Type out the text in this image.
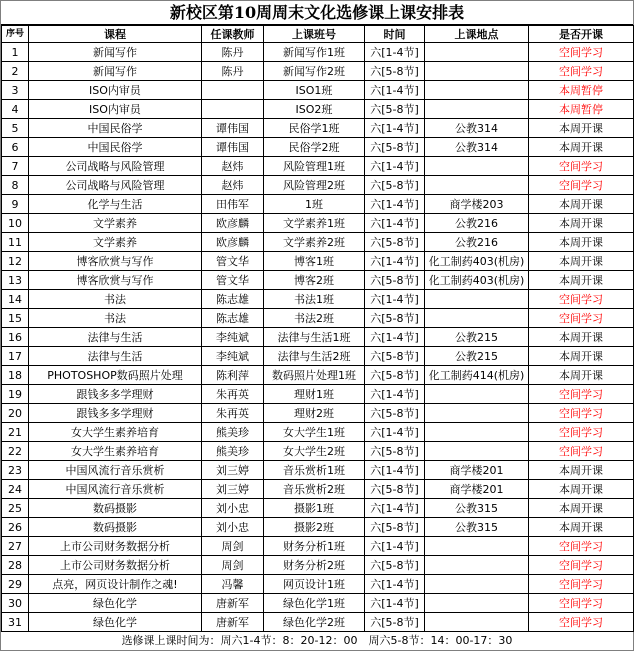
新校区第10周周末文化选修课上课安排表
序号	课程	任课教师	上课班号	时间	上课地点	是否开课
1	新闻写作	陈丹	新闻写作1班	六[1-4节]		空间学习
2	新闻写作	陈丹	新闻写作2班	六[5-8节]		空间学习
3	ISO内审员		ISO1班	六[1-4节]		本周暂停
4	ISO内审员		ISO2班	六[5-8节]		本周暂停
5	中国民俗学	谭伟国	民俗学1班	六[1-4节]	公教314	本周开课
6	中国民俗学	谭伟国	民俗学2班	六[5-8节]	公教314	本周开课
7	公司战略与风险管理	赵炜	风险管理1班	六[1-4节]		空间学习
8	公司战略与风险管理	赵炜	风险管理2班	六[5-8节]		空间学习
9	化学与生活	田伟军	1班	六[1-4节]	商学楼203	本周开课
10	文学素养	欧彦麟	文学素养1班	六[1-4节]	公教216	本周开课
11	文学素养	欧彦麟	文学素养2班	六[5-8节]	公教216	本周开课
12	博客欣赏与写作	管文华	博客1班	六[1-4节]	化工制药403(机房)	本周开课
13	博客欣赏与写作	管文华	博客2班	六[5-8节]	化工制药403(机房)	本周开课
14	书法	陈志雄	书法1班	六[1-4节]		空间学习
15	书法	陈志雄	书法2班	六[5-8节]		空间学习
16	法律与生活	李纯斌	法律与生活1班	六[1-4节]	公教215	本周开课
17	法律与生活	李纯斌	法律与生活2班	六[5-8节]	公教215	本周开课
18	PHOTOSHOP数码照片处理	陈利萍	数码照片处理1班	六[5-8节]	化工制药414(机房)	本周开课
19	跟钱多多学理财	朱再英	理财1班	六[1-4节]		空间学习
20	跟钱多多学理财	朱再英	理财2班	六[5-8节]		空间学习
21	女大学生素养培育	熊美珍	女大学生1班	六[1-4节]		空间学习
22	女大学生素养培育	熊美珍	女大学生2班	六[5-8节]		空间学习
23	中国风流行音乐赏析	刘三婷	音乐赏析1班	六[1-4节]	商学楼201	本周开课
24	中国风流行音乐赏析	刘三婷	音乐赏析2班	六[5-8节]	商学楼201	本周开课
25	数码摄影	刘小忠	摄影1班	六[1-4节]	公教315	本周开课
26	数码摄影	刘小忠	摄影2班	六[5-8节]	公教315	本周开课
27	上市公司财务数据分析	周剑	财务分析1班	六[1-4节]		空间学习
28	上市公司财务数据分析	周剑	财务分析2班	六[5-8节]		空间学习
29	点亮，网页设计制作之魂!	冯馨	网页设计1班	六[1-4节]		空间学习
30	绿色化学	唐新军	绿色化学1班	六[1-4节]		空间学习
31	绿色化学	唐新军	绿色化学2班	六[5-8节]		空间学习
选修课上课时间为：周六1-4节：8：20-12：00　周六5-8节：14：00-17：30
